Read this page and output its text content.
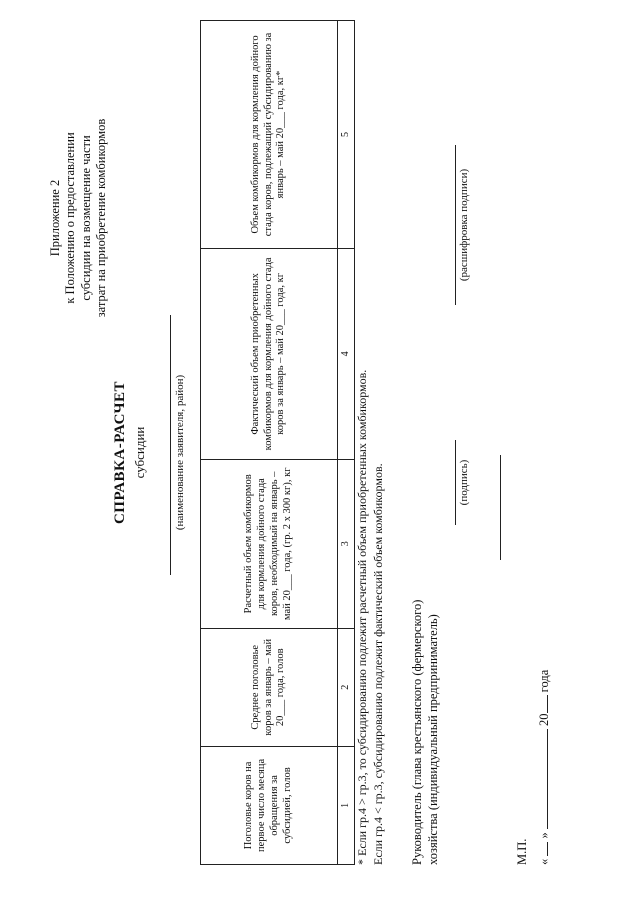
Приложение 2 к Положению о предоставлении субсидии на возмещение части затрат на приобретение комбикормов
СПРАВКА-РАСЧЕТ субсидии (наименование заявителя, район)
Поголовье коров на первое число месяца обращения за субсидией, голов	Среднее поголовье коров за январь – май 20___ года, голов	Расчетный объем комбикормов для кормления дойного стада коров, необходимый на январь – май 20___ года, (гр. 2 х 300 кг), кг	Фактический объем приобретенных комбикормов для кормления дойного стада коров за январь – май 20___ года, кг	Объем комбикормов для кормления дойного стада коров, подлежащий субсидированию за январь – май 20___ года, кг*
1	2	3	4	5
* Если гр.4 > гр.3, то субсидированию подлежит расчетный объем приобретенных комбикормов. Если гр.4 < гр.3, субсидированию подлежит фактический объем комбикормов. Руководитель (глава крестьянского (фермерского) хозяйства (индивидуальный предприниматель)
(подпись)
(расшифровка подписи)
М.П. «  »  20 года
